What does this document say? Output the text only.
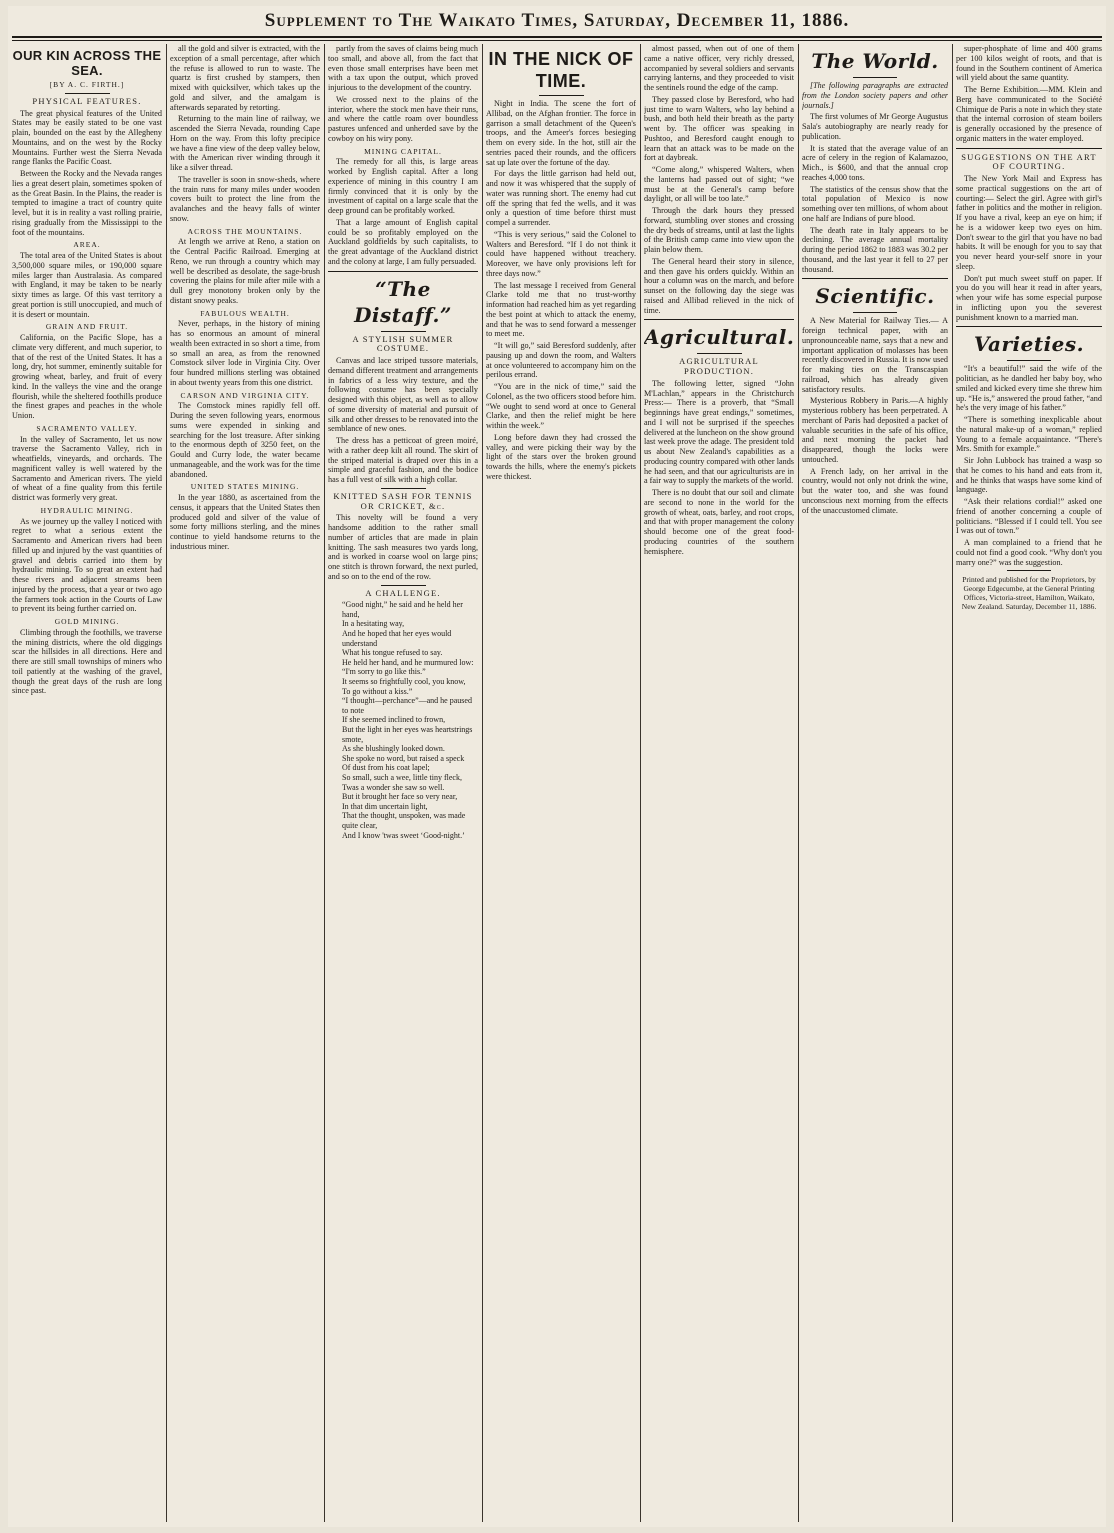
Supplement to The Waikato Times, Saturday, December 11, 1886.
OUR KIN ACROSS THE SEA.
[BY A. C. FIRTH.]
PHYSICAL FEATURES.

The great physical features of the United States may be easily stated to be one vast plain, bounded on the east by the Allegheny Mountains, and on the west by the Rocky Mountains. Further west the Sierra Nevada range flanks the Pacific Coast.

Between the Rocky and the Nevada ranges lies a great desert plain, sometimes spoken of as the Great Basin. In the Plains, the reader is tempted to imagine a tract of country quite level, but it is in reality a vast rolling prairie, rising gradually from the Mississippi to the foot of the mountains.

AREA.

The total area of the United States is about 3,500,000 square miles, or 190,000 square miles larger than Australasia. As compared with England, it may be taken to be nearly sixty times as large. Of this vast territory a great portion is still unoccupied, and much of it is desert or mountain.

GRAIN AND FRUIT.

California, on the Pacific Slope, has a climate very different, and much superior, to that of the rest of the United States. It has a long, dry, hot summer, eminently suitable for growing wheat, barley, and fruit of every kind. In the valleys the vine and the orange flourish, while the sheltered foothills produce the finest grapes and peaches in the whole Union.

SACRAMENTO VALLEY.

In the valley of Sacramento, let us now traverse the Sacramento Valley, rich in wheatfields, vineyards, and orchards. The magnificent valley is well watered by the Sacramento and American rivers. The yield of wheat of a fine quality from this fertile district was formerly very great.

HYDRAULIC MINING.

As we journey up the valley I noticed with regret to what a serious extent the Sacramento and American rivers had been filled up and injured by the vast quantities of gravel and debris carried into them by hydraulic mining. To so great an extent had these rivers and adjacent streams been injured by the process, that a year or two ago the farmers took action in the Courts of Law to prevent its being further carried on.

GOLD MINING.

Climbing through the foothills, we traverse the mining districts, where the old diggings scar the hillsides in all directions. Here and there are still small townships of miners who toil patiently at the washing of the gravel, though the great days of the rush are long since past.

all the gold and silver is extracted, with the exception of a small percentage, after which the refuse is allowed to run to waste. The quartz is first crushed by stampers, then mixed with quicksilver, which takes up the gold and silver, and the amalgam is afterwards separated by retorting.

Returning to the main line of railway, we ascended the Sierra Nevada, rounding Cape Horn on the way. From this lofty precipice we have a fine view of the deep valley below, with the American river winding through it like a silver thread.

The traveller is soon in snow-sheds, where the train runs for many miles under wooden covers built to protect the line from the avalanches and the heavy falls of winter snow.

ACROSS THE MOUNTAINS.

At length we arrive at Reno, a station on the Central Pacific Railroad. Emerging at Reno, we run through a country which may well be described as desolate, the sage-brush covering the plains for mile after mile with a dull grey monotony broken only by the distant snowy peaks.

FABULOUS WEALTH.

Never, perhaps, in the history of mining has so enormous an amount of mineral wealth been extracted in so short a time, from so small an area, as from the renowned Comstock silver lode in Virginia City. Over four hundred millions sterling was obtained in about twenty years from this one district.

CARSON AND VIRGINIA CITY.

The Comstock mines rapidly fell off. During the seven following years, enormous sums were expended in sinking and searching for the lost treasure. After sinking to the enormous depth of 3250 feet, on the Gould and Curry lode, the water became unmanageable, and the work was for the time abandoned.

UNITED STATES MINING.

In the year 1880, as ascertained from the census, it appears that the United States then produced gold and silver of the value of some forty millions sterling, and the mines continue to yield handsome returns to the industrious miner.

partly from the saves of claims being much too small, and above all, from the fact that even those small enterprises have been met with a tax upon the output, which proved injurious to the development of the country.

We crossed next to the plains of the interior, where the stock men have their runs, and where the cattle roam over boundless pastures unfenced and unherded save by the cowboy on his wiry pony.

MINING CAPITAL.

The remedy for all this, is large areas worked by English capital. After a long experience of mining in this country I am firmly convinced that it is only by the investment of capital on a large scale that the deep ground can be profitably worked.

That a large amount of English capital could be so profitably employed on the Auckland goldfields by such capitalists, to the great advantage of the Auckland district and the colony at large, I am fully persuaded.

“The Distaff.”
A STYLISH SUMMER COSTUME.

Canvas and lace striped tussore materials, demand different treatment and arrangements in fabrics of a less wiry texture, and the following costume has been specially designed with this object, as well as to allow of some diversity of material and pursuit of silk and other dresses to be renovated into the semblance of new ones.

The dress has a petticoat of green moiré, with a rather deep kilt all round. The skirt of the striped material is draped over this in a simple and graceful fashion, and the bodice has a full vest of silk with a high collar.

KNITTED SASH FOR TENNIS OR CRICKET, &c.

This novelty will be found a very handsome addition to the rather small number of articles that are made in plain knitting. The sash measures two yards long, and is worked in coarse wool on large pins; one stitch is thrown forward, the next purled, and so on to the end of the row.

A CHALLENGE.
“Good night,” he said and he held her hand,
In a hesitating way,
And he hoped that her eyes would understand
What his tongue refused to say.
He held her hand, and he murmured low:
“I'm sorry to go like this.”
It seems so frightfully cool, you know,
To go without a kiss.”
“I thought—perchance”—and he paused to note
If she seemed inclined to frown,
But the light in her eyes was heartstrings smote,
As she blushingly looked down.
She spoke no word, but raised a speck
Of dust from his coat lapel;
So small, such a wee, little tiny fleck,
Twas a wonder she saw so well.
But it brought her face so very near,
In that dim uncertain light,
That the thought, unspoken, was made quite clear,
And I know 'twas sweet ‘Good-night.’
IN THE NICK OF TIME.

Night in India. The scene the fort of Allibad, on the Afghan frontier. The force in garrison a small detachment of the Queen's troops, and the Ameer's forces besieging them on every side. In the hot, still air the sentries paced their rounds, and the officers sat up late over the fortune of the day.

For days the little garrison had held out, and now it was whispered that the supply of water was running short. The enemy had cut off the spring that fed the wells, and it was only a question of time before thirst must compel a surrender.

“This is very serious,” said the Colonel to Walters and Beresford. “If I do not think it could have happened without treachery. Moreover, we have only provisions left for three days now.”

The last message I received from General Clarke told me that no trust-worthy information had reached him as yet regarding the best point at which to attack the enemy, and that he was to send forward a messenger to meet me.

“It will go,” said Beresford suddenly, after pausing up and down the room, and Walters at once volunteered to accompany him on the perilous errand.

“You are in the nick of time,” said the Colonel, as the two officers stood before him. “We ought to send word at once to General Clarke, and then the relief might be here within the week.”

Long before dawn they had crossed the valley, and were picking their way by the light of the stars over the broken ground towards the hills, where the enemy's pickets were thickest.

almost passed, when out of one of them came a native officer, very richly dressed, accompanied by several soldiers and servants carrying lanterns, and they proceeded to visit the sentinels round the edge of the camp.

They passed close by Beresford, who had just time to warn Walters, who lay behind a bush, and both held their breath as the party went by. The officer was speaking in Pushtoo, and Beresford caught enough to learn that an attack was to be made on the fort at daybreak.

“Come along,” whispered Walters, when the lanterns had passed out of sight; “we must be at the General's camp before daylight, or all will be too late.”

Through the dark hours they pressed forward, stumbling over stones and crossing the dry beds of streams, until at last the lights of the British camp came into view upon the plain below them.

The General heard their story in silence, and then gave his orders quickly. Within an hour a column was on the march, and before sunset on the following day the siege was raised and Allibad relieved in the nick of time.

Agricultural.
AGRICULTURAL PRODUCTION.

The following letter, signed “John M'Lachlan,” appears in the Christchurch Press:— There is a proverb, that “Small beginnings have great endings,” sometimes, and I will not be surprised if the speeches delivered at the luncheon on the show ground last week prove the adage. The president told us about New Zealand's capabilities as a producing country compared with other lands he had seen, and that our agriculturists are in a fair way to supply the markets of the world.

There is no doubt that our soil and climate are second to none in the world for the growth of wheat, oats, barley, and root crops, and that with proper management the colony should become one of the great food-producing countries of the southern hemisphere.

The World.

[The following paragraphs are extracted from the London society papers and other journals.]

The first volumes of Mr George Augustus Sala's autobiography are nearly ready for publication.

It is stated that the average value of an acre of celery in the region of Kalamazoo, Mich., is $600, and that the annual crop reaches 4,000 tons.

The statistics of the census show that the total population of Mexico is now something over ten millions, of whom about one half are Indians of pure blood.

The death rate in Italy appears to be declining. The average annual mortality during the period 1862 to 1883 was 30.2 per thousand, and the last year it fell to 27 per thousand.

Scientific.

A New Material for Railway Ties.— A foreign technical paper, with an unpronounceable name, says that a new and important application of molasses has been recently discovered in Russia. It is now used for making ties on the Transcaspian railroad, which has already given satisfactory results.

Mysterious Robbery in Paris.—A highly mysterious robbery has been perpetrated. A merchant of Paris had deposited a packet of valuable securities in the safe of his office, and next morning the packet had disappeared, though the locks were untouched.

A French lady, on her arrival in the country, would not only not drink the wine, but the water too, and she was found unconscious next morning from the effects of the unaccustomed climate.

super-phosphate of lime and 400 grams per 100 kilos weight of roots, and that is found in the Southern continent of America will yield about the same quantity.

The Berne Exhibition.—MM. Klein and Berg have communicated to the Société Chimique de Paris a note in which they state that the internal corrosion of steam boilers is generally occasioned by the presence of organic matters in the water employed.

SUGGESTIONS ON THE ART OF COURTING.

The New York Mail and Express has some practical suggestions on the art of courting:— Select the girl. Agree with girl's father in politics and the mother in religion. If you have a rival, keep an eye on him; if he is a widower keep two eyes on him. Don't swear to the girl that you have no bad habits. It will be enough for you to say that you never heard your-self snore in your sleep.

Don't put much sweet stuff on paper. If you do you will hear it read in after years, when your wife has some especial purpose in inflicting upon you the severest punishment known to a married man.

Varieties.

“It's a beautiful!” said the wife of the politician, as he dandled her baby boy, who smiled and kicked every time she threw him up. “He is,” answered the proud father, “and he's the very image of his father.”

“There is something inexplicable about the natural make-up of a woman,” replied Young to a female acquaintance. “There's Mrs. Smith for example.”

Sir John Lubbock has trained a wasp so that he comes to his hand and eats from it, and he thinks that wasps have some kind of language.

“Ask their relations cordial!” asked one friend of another concerning a couple of politicians. “Blessed if I could tell. You see I was out of town.”

A man complained to a friend that he could not find a good cook. “Why don't you marry one?” was the suggestion.

Printed and published for the Proprietors, by George Edgecumbe, at the General Printing Offices, Victoria-street, Hamilton, Waikato, New Zealand. Saturday, December 11, 1886.
